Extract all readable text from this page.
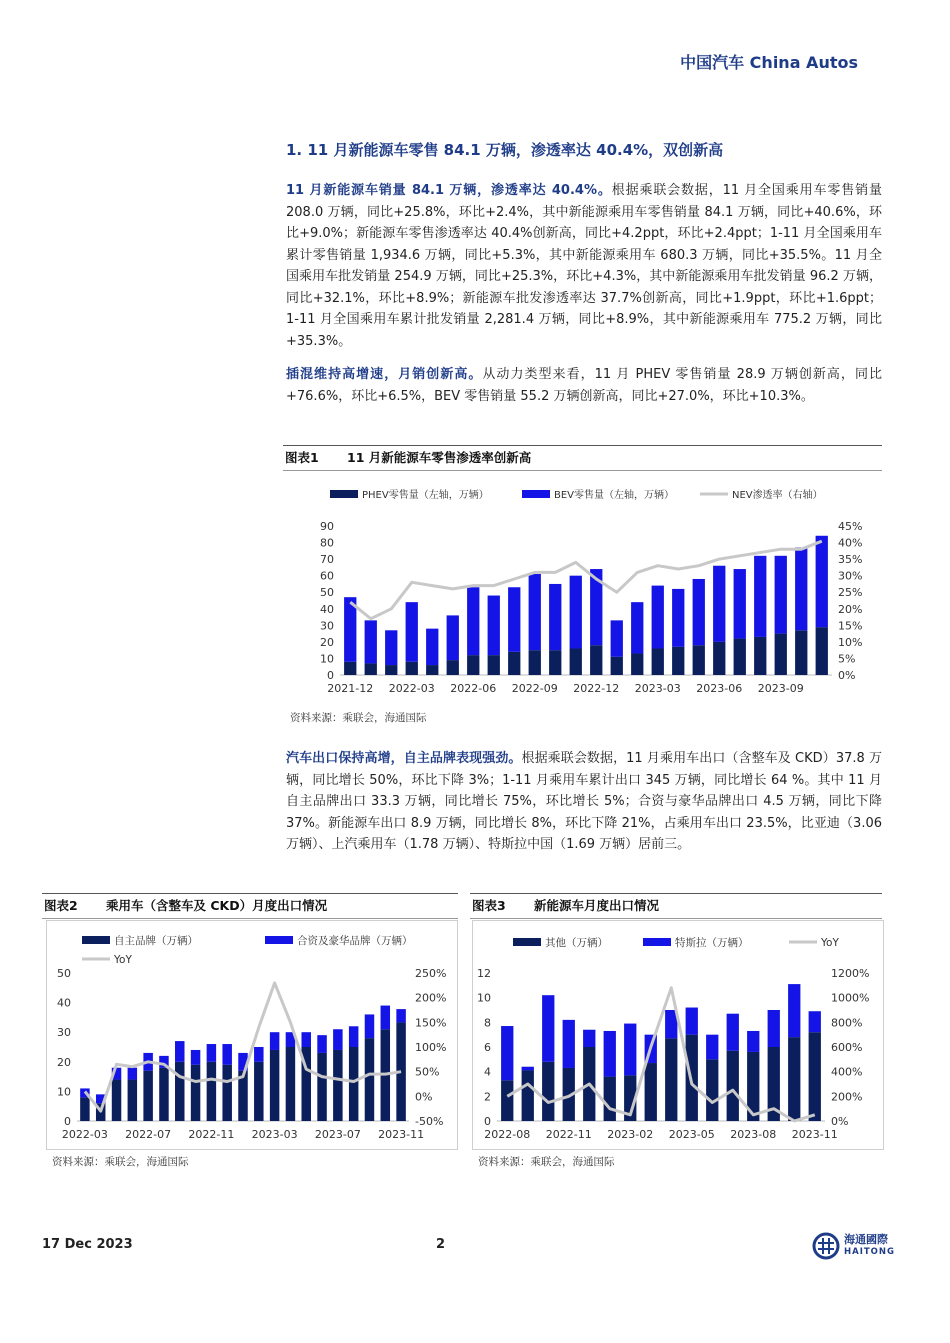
中国汽车 China Autos
1. 11 月新能源车零售 84.1 万辆，渗透率达 40.4%，双创新高
11 月新能源车销量 84.1 万辆，渗透率达 40.4%。根据乘联会数据，11 月全国乘用车零售销量 208.0 万辆，同比+25.8%，环比+2.4%，其中新能源乘用车零售销量 84.1 万辆，同比+40.6%，环比+9.0%；新能源车零售渗透率达 40.4%创新高，同比+4.2ppt，环比+2.4ppt；1-11 月全国乘用车累计零售销量 1,934.6 万辆，同比+5.3%，其中新能源乘用车 680.3 万辆，同比+35.5%。11 月全国乘用车批发销量 254.9 万辆，同比+25.3%，环比+4.3%，其中新能源乘用车批发销量 96.2 万辆，同比+32.1%，环比+8.9%；新能源车批发渗透率达 37.7%创新高，同比+1.9ppt，环比+1.6ppt；1-11 月全国乘用车累计批发销量 2,281.4 万辆，同比+8.9%，其中新能源乘用车 775.2 万辆，同比+35.3%。
插混维持高增速，月销创新高。从动力类型来看，11 月 PHEV 零售销量 28.9 万辆创新高，同比+76.6%，环比+6.5%，BEV 零售销量 55.2 万辆创新高，同比+27.0%，环比+10.3%。
图表1 11 月新能源车零售渗透率创新高
PHEV零售量（左轴，万辆）	BEV零售量（左轴，万辆）	NEV渗透率（右轴）
0
10
20
30
40
50
60
70
80
90
0%
5%
10%
15%
20%
25%
30%
35%
40%
45%
2021-12 2022-03 2022-06 2022-09 2022-12 2023-03 2023-06 2023-09
资料来源：乘联会，海通国际
汽车出口保持高增，自主品牌表现强劲。根据乘联会数据，11 月乘用车出口（含整车及 CKD）37.8 万辆，同比增长 50%，环比下降 3%；1-11 月乘用车累计出口 345 万辆，同比增长 64 %。其中 11 月自主品牌出口 33.3 万辆，同比增长 75%，环比增长 5%；合资与豪华品牌出口 4.5 万辆，同比下降 37%。新能源车出口 8.9 万辆，同比增长 8%，环比下降 21%，占乘用车出口 23.5%，比亚迪（3.06 万辆）、上汽乘用车（1.78 万辆）、特斯拉中国（1.69 万辆）居前三。
图表2 乘用车（含整车及 CKD）月度出口情况
自主品牌（万辆）	合资及豪华品牌（万辆）
YoY
0
10
20
30
40
50
-50%
0%
50%
100%
150%
200%
250%
2022-03 2022-07 2022-11 2023-03 2023-07 2023-11
资料来源：乘联会，海通国际
图表3 新能源车月度出口情况
其他（万辆）	特斯拉（万辆）	YoY
0
2
4
6
8
10
12
0%
200%
400%
600%
800%
1000%
1200%
2022-08 2022-11 2023-02 2023-05 2023-08 2023-11
资料来源：乘联会，海通国际
17 Dec 2023	2	海通國際
HAITONG
